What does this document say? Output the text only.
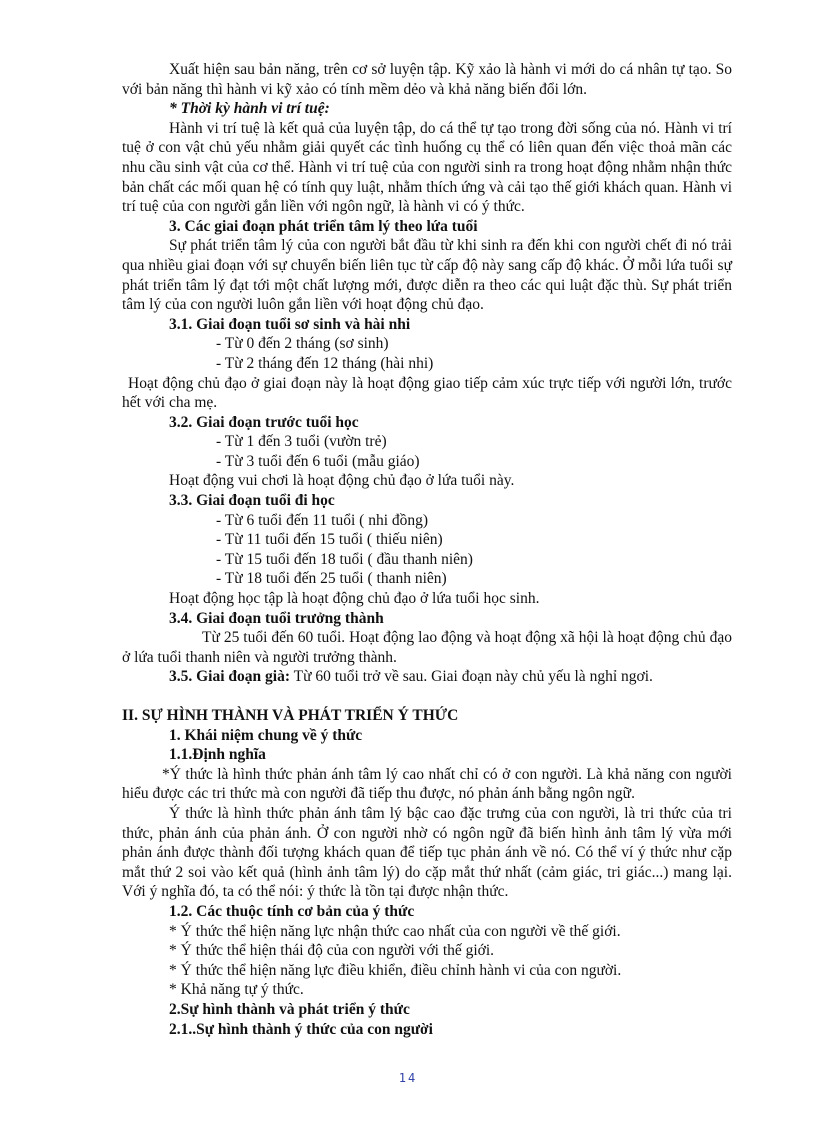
Xuất hiện sau bản năng, trên cơ sở luyện tập. Kỹ xảo là hành vi mới do cá nhân tự tạo. So với bản năng thì hành vi kỹ xảo có tính mềm dẻo và khả năng biến đổi lớn.

* Thời kỳ hành vi trí tuệ:

Hành vi trí tuệ là kết quả của luyện tập, do cá thể tự tạo trong đời sống của nó. Hành vi trí tuệ ở con vật chủ yếu nhằm giải quyết các tình huống cụ thể có liên quan đến việc thoả mãn các nhu cầu sinh vật của cơ thể. Hành vi trí tuệ của con người sinh ra trong hoạt động nhằm nhận thức bản chất các mối quan hệ có tính quy luật, nhằm thích ứng và cải tạo thế giới khách quan. Hành vi trí tuệ của con người gắn liền với ngôn ngữ, là hành vi có ý thức.

3. Các giai đoạn phát triển tâm lý theo lứa tuổi

Sự phát triển tâm lý của con người bắt đầu từ khi sinh ra đến khi con người chết đi nó trải qua nhiều giai đoạn với sự chuyển biến liên tục từ cấp độ này sang cấp độ khác. Ở mỗi lứa tuổi sự phát triển tâm lý đạt tới một chất lượng mới, được diễn ra theo các qui luật đặc thù. Sự phát triển tâm lý của con người luôn gắn liền với hoạt động chủ đạo.

3.1. Giai đoạn tuổi sơ sinh và hài nhi

- Từ 0 đến 2 tháng (sơ sinh)

- Từ 2 tháng đến 12 tháng (hài nhi)

Hoạt động chủ đạo ở giai đoạn này là hoạt động giao tiếp cảm xúc trực tiếp với người lớn, trước hết với cha mẹ.

3.2. Giai đoạn trước tuổi học

- Từ 1 đến 3 tuổi (vườn trẻ)

- Từ 3 tuổi đến 6 tuổi (mẫu giáo)

Hoạt động vui chơi là hoạt động chủ đạo ở lứa tuổi này.

3.3. Giai đoạn tuổi đi học

- Từ 6 tuổi đến 11 tuổi ( nhi đồng)

- Từ 11 tuổi đến 15 tuổi ( thiếu niên)

- Từ 15 tuổi đến 18 tuổi ( đầu thanh niên)

- Từ 18 tuổi đến 25 tuổi ( thanh niên)

Hoạt động học tập là hoạt động chủ đạo ở lứa tuổi học sinh.

3.4. Giai đoạn tuổi trưởng thành

Từ 25 tuổi đến 60 tuổi. Hoạt động lao động và hoạt động xã hội là hoạt động chủ đạo ở lứa tuổi thanh niên và người trưởng thành.

3.5. Giai đoạn già: Từ 60 tuổi trở về sau. Giai đoạn này chủ yếu là nghỉ ngơi.

II. SỰ HÌNH THÀNH VÀ PHÁT TRIỂN Ý THỨC

1. Khái niệm chung về ý thức

1.1.Định nghĩa

*Ý thức là hình thức phản ánh tâm lý cao nhất chỉ có ở con người. Là khả năng con người hiểu được các tri thức mà con người đã tiếp thu được, nó phản ánh bằng ngôn ngữ.

Ý thức là hình thức phản ánh tâm lý bậc cao đặc trưng của con người, là tri thức của tri thức, phản ánh của phản ánh. Ở con người nhờ có ngôn ngữ đã biến hình ảnh tâm lý vừa mới phản ánh được thành đối tượng khách quan để tiếp tục phản ánh về nó. Có thể ví ý thức như cặp mắt thứ 2 soi vào kết quả (hình ảnh tâm lý) do cặp mắt thứ nhất (cảm giác, tri giác...) mang lại. Với ý nghĩa đó, ta có thể nói: ý thức là tồn tại được nhận thức.

1.2. Các thuộc tính cơ bản của ý thức

* Ý thức thể hiện năng lực nhận thức cao nhất của con người về thế giới.

* Ý thức thể hiện thái độ của con người với thế giới.

* Ý thức thể hiện năng lực điều khiển, điều chỉnh hành vi của con người.

* Khả năng tự ý thức.

2.Sự hình thành và phát triển ý thức

2.1..Sự hình thành ý thức của con người

14
